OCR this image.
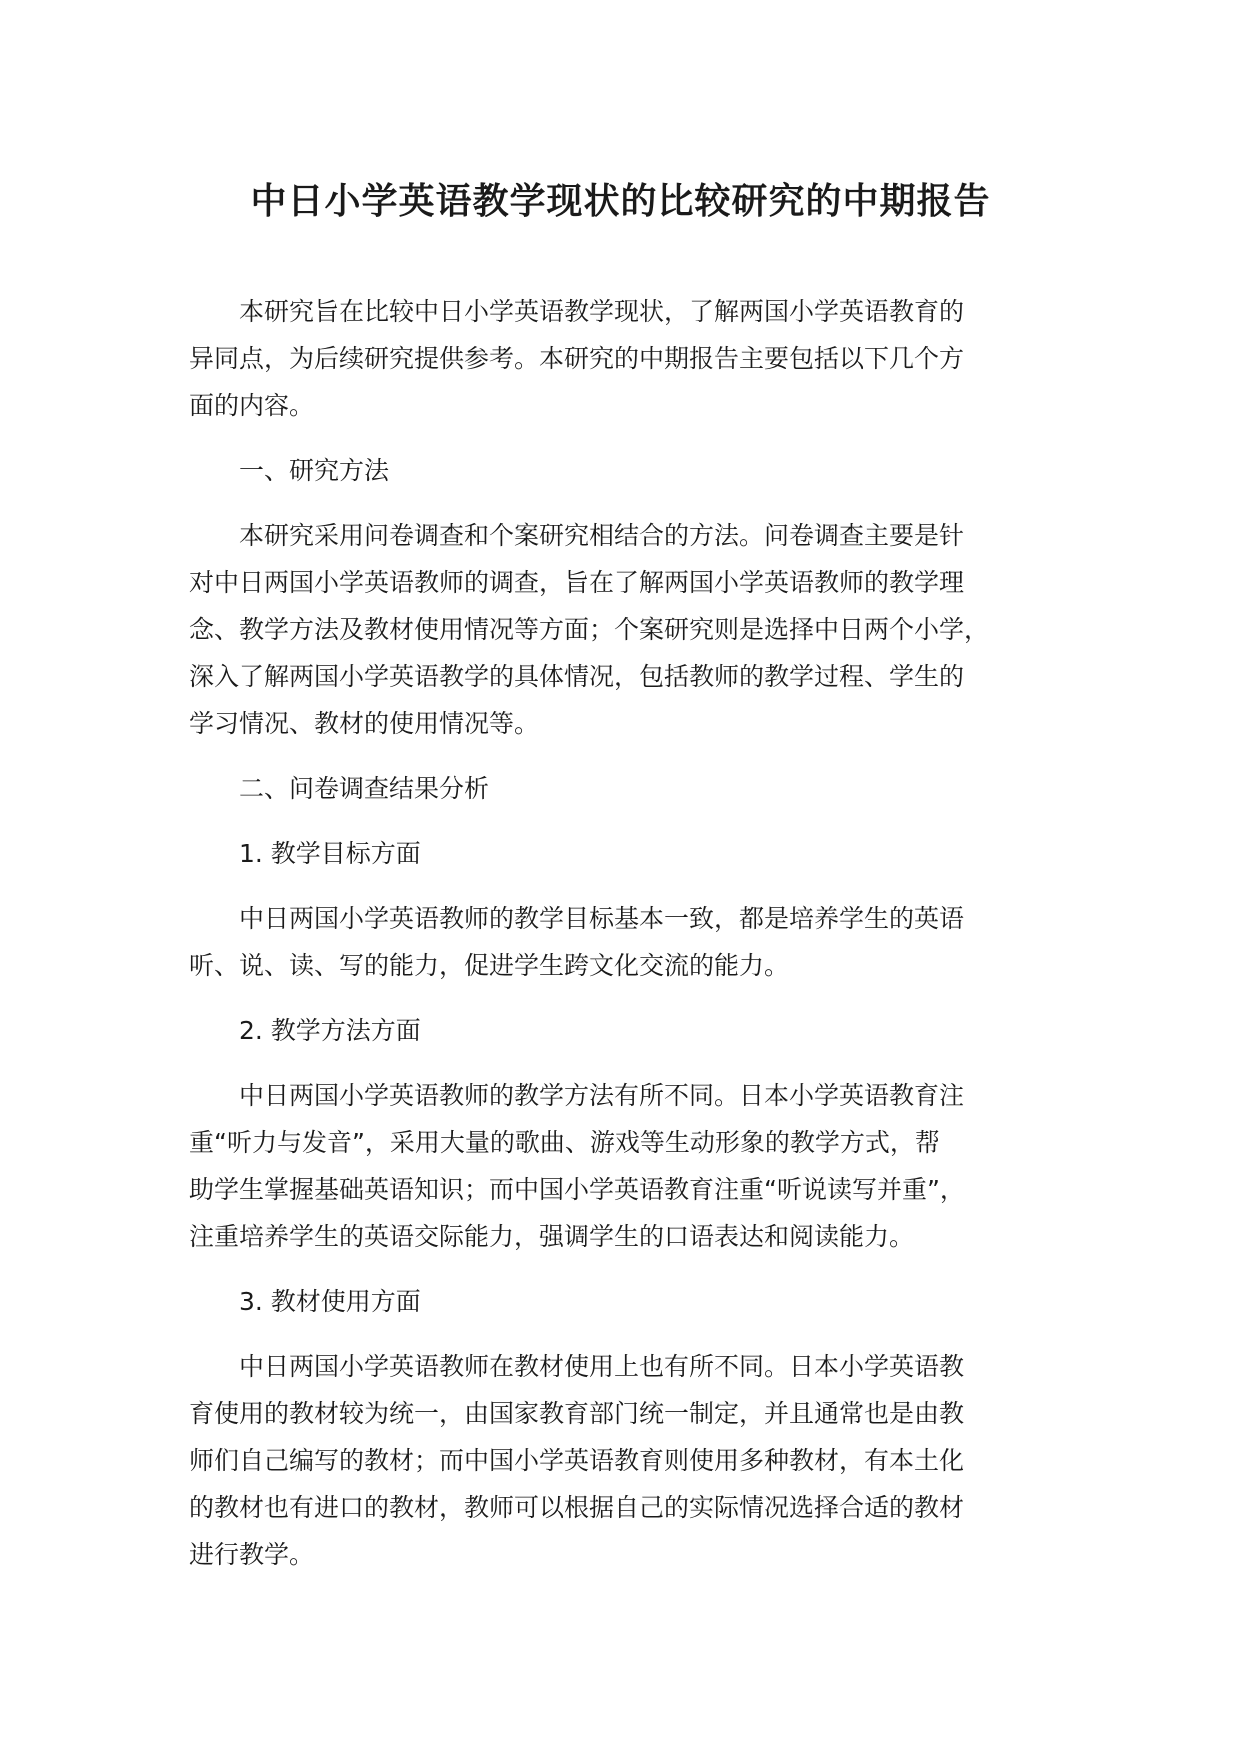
中日小学英语教学现状的比较研究的中期报告

本研究旨在比较中日小学英语教学现状，了解两国小学英语教育的
异同点，为后续研究提供参考。本研究的中期报告主要包括以下几个方
面的内容。

一、研究方法

本研究采用问卷调查和个案研究相结合的方法。问卷调查主要是针
对中日两国小学英语教师的调查，旨在了解两国小学英语教师的教学理
念、教学方法及教材使用情况等方面；个案研究则是选择中日两个小学，
深入了解两国小学英语教学的具体情况，包括教师的教学过程、学生的
学习情况、教材的使用情况等。

二、问卷调查结果分析

1. 教学目标方面

中日两国小学英语教师的教学目标基本一致，都是培养学生的英语
听、说、读、写的能力，促进学生跨文化交流的能力。

2. 教学方法方面

中日两国小学英语教师的教学方法有所不同。日本小学英语教育注
重“听力与发音”，采用大量的歌曲、游戏等生动形象的教学方式，帮
助学生掌握基础英语知识；而中国小学英语教育注重“听说读写并重”，
注重培养学生的英语交际能力，强调学生的口语表达和阅读能力。

3. 教材使用方面

中日两国小学英语教师在教材使用上也有所不同。日本小学英语教
育使用的教材较为统一，由国家教育部门统一制定，并且通常也是由教
师们自己编写的教材；而中国小学英语教育则使用多种教材，有本土化
的教材也有进口的教材，教师可以根据自己的实际情况选择合适的教材
进行教学。
